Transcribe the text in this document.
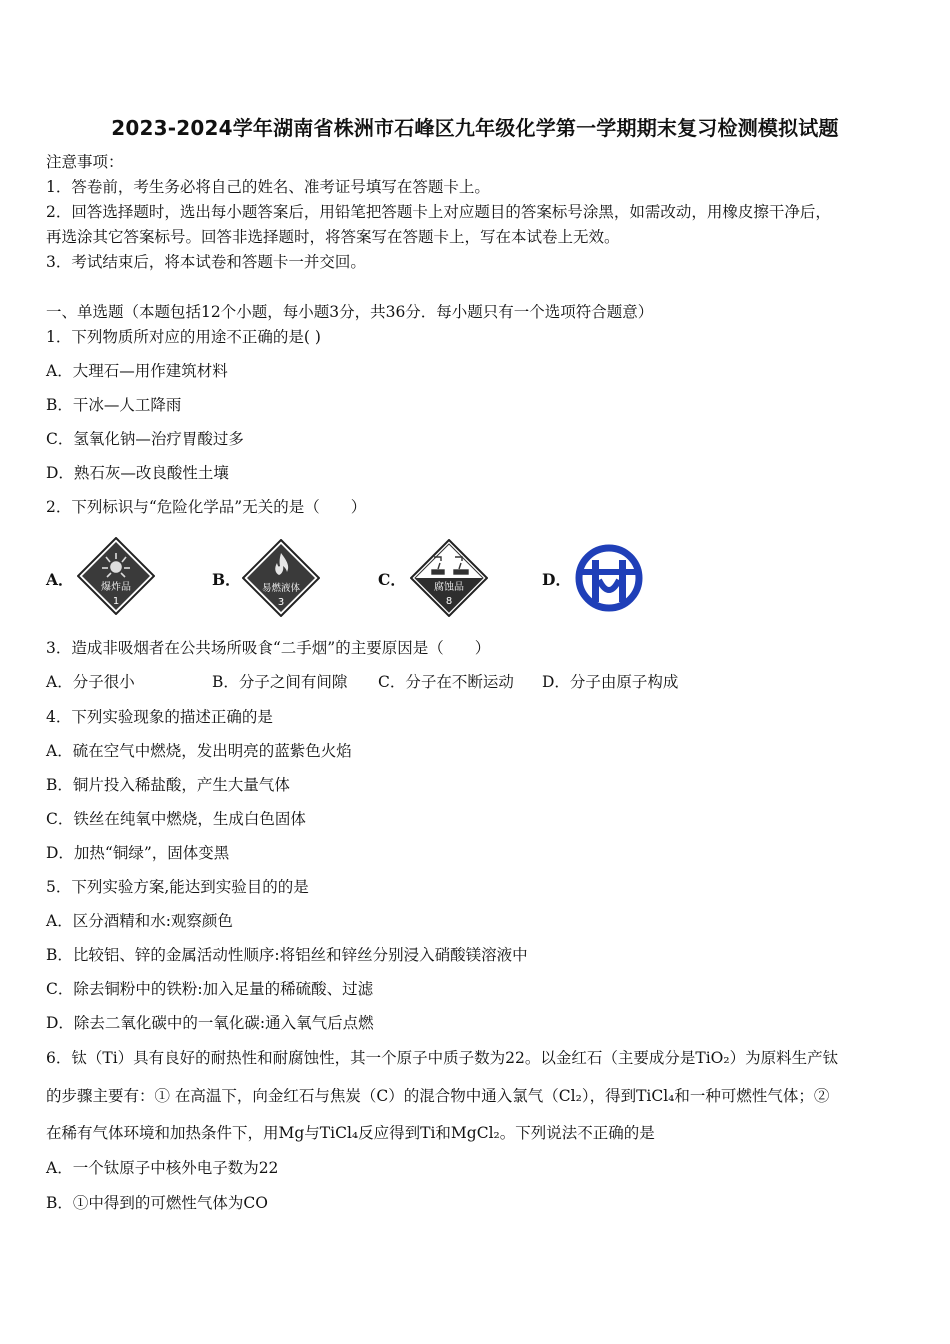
2023-2024学年湖南省株洲市石峰区九年级化学第一学期期末复习检测模拟试题
注意事项：
1．答卷前，考生务必将自己的姓名、准考证号填写在答题卡上。
2．回答选择题时，选出每小题答案后，用铅笔把答题卡上对应题目的答案标号涂黑，如需改动，用橡皮擦干净后，
再选涂其它答案标号。回答非选择题时，将答案写在答题卡上，写在本试卷上无效。
3．考试结束后，将本试卷和答题卡一并交回。
一、单选题（本题包括12个小题，每小题3分，共36分．每小题只有一个选项符合题意）
1．下列物质所对应的用途不正确的是( )
A．大理石—用作建筑材料
B．干冰—人工降雨
C．氢氧化钠—治疗胃酸过多
D．熟石灰—改良酸性土壤
2．下列标识与“危险化学品”无关的是（　　）
A．	爆炸品
1
B． 易燃液体
3
C．	腐蚀品
8
D．
3．造成非吸烟者在公共场所吸食“二手烟”的主要原因是（　　）
A．分子很小	B．分子之间有间隙 C．分子在不断运动 D．分子由原子构成
4．下列实验现象的描述正确的是
A．硫在空气中燃烧，发出明亮的蓝紫色火焰
B．铜片投入稀盐酸，产生大量气体
C．铁丝在纯氧中燃烧，生成白色固体
D．加热“铜绿”，固体变黑
5．下列实验方案,能达到实验目的的是
A．区分酒精和水:观察颜色
B．比较铝、锌的金属活动性顺序:将铝丝和锌丝分别浸入硝酸镁溶液中
C．除去铜粉中的铁粉:加入足量的稀硫酸、过滤
D．除去二氧化碳中的一氧化碳:通入氧气后点燃
6．钛（Ti）具有良好的耐热性和耐腐蚀性，其一个原子中质子数为22。以金红石（主要成分是TiO₂）为原料生产钛
的步骤主要有：① 在高温下，向金红石与焦炭（C）的混合物中通入氯气（Cl₂），得到TiCl₄和一种可燃性气体；②
在稀有气体环境和加热条件下，用Mg与TiCl₄反应得到Ti和MgCl₂。下列说法不正确的是
A．一个钛原子中核外电子数为22
B．①中得到的可燃性气体为CO
